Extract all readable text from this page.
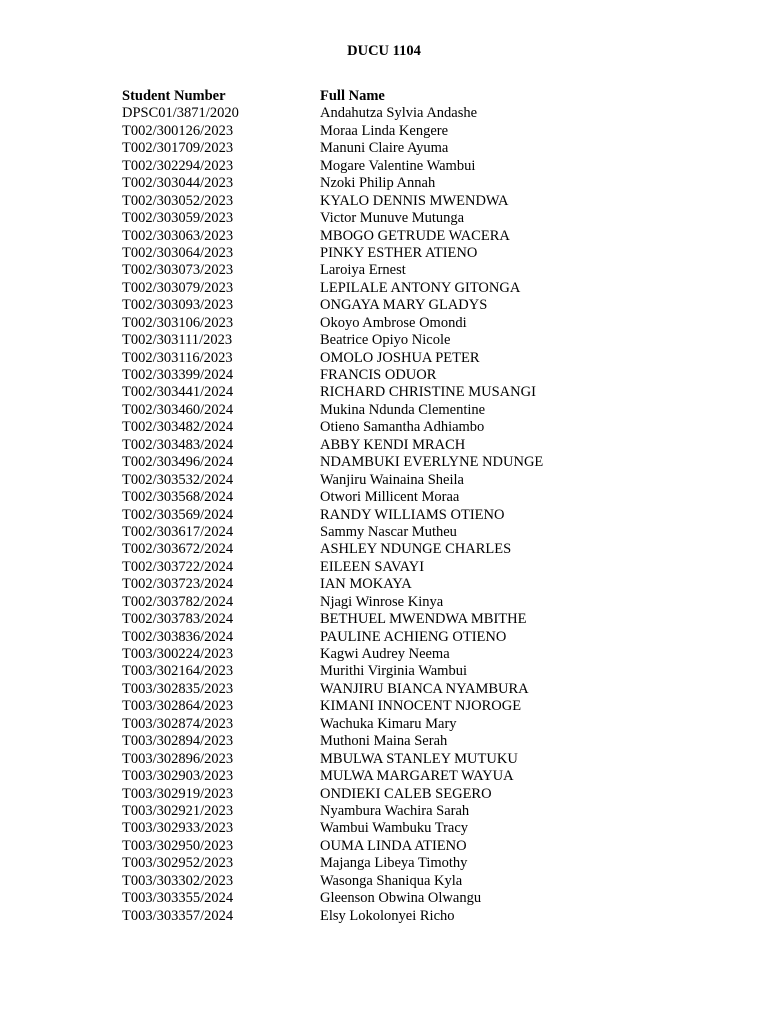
DUCU 1104
Student Number	Full Name
DPSC01/3871/2020	Andahutza Sylvia Andashe
T002/300126/2023	Moraa Linda Kengere
T002/301709/2023	Manuni Claire Ayuma
T002/302294/2023	Mogare Valentine Wambui
T002/303044/2023	Nzoki Philip Annah
T002/303052/2023	KYALO DENNIS MWENDWA
T002/303059/2023	Victor Munuve Mutunga
T002/303063/2023	MBOGO GETRUDE WACERA
T002/303064/2023	PINKY ESTHER ATIENO
T002/303073/2023	Laroiya Ernest
T002/303079/2023	LEPILALE ANTONY GITONGA
T002/303093/2023	ONGAYA MARY GLADYS
T002/303106/2023	Okoyo Ambrose Omondi
T002/303111/2023	Beatrice Opiyo Nicole
T002/303116/2023	OMOLO JOSHUA PETER
T002/303399/2024	FRANCIS ODUOR
T002/303441/2024	RICHARD CHRISTINE MUSANGI
T002/303460/2024	Mukina Ndunda Clementine
T002/303482/2024	Otieno Samantha Adhiambo
T002/303483/2024	ABBY KENDI MRACH
T002/303496/2024	NDAMBUKI EVERLYNE NDUNGE
T002/303532/2024	Wanjiru Wainaina Sheila
T002/303568/2024	Otwori Millicent Moraa
T002/303569/2024	RANDY WILLIAMS OTIENO
T002/303617/2024	Sammy Nascar Mutheu
T002/303672/2024	ASHLEY NDUNGE CHARLES
T002/303722/2024	EILEEN SAVAYI
T002/303723/2024	IAN MOKAYA
T002/303782/2024	Njagi Winrose Kinya
T002/303783/2024	BETHUEL MWENDWA MBITHE
T002/303836/2024	PAULINE ACHIENG OTIENO
T003/300224/2023	Kagwi Audrey Neema
T003/302164/2023	Murithi Virginia Wambui
T003/302835/2023	WANJIRU BIANCA NYAMBURA
T003/302864/2023	KIMANI INNOCENT NJOROGE
T003/302874/2023	Wachuka Kimaru Mary
T003/302894/2023	Muthoni Maina Serah
T003/302896/2023	MBULWA STANLEY MUTUKU
T003/302903/2023	MULWA MARGARET WAYUA
T003/302919/2023	ONDIEKI CALEB SEGERO
T003/302921/2023	Nyambura Wachira Sarah
T003/302933/2023	Wambui Wambuku Tracy
T003/302950/2023	OUMA LINDA ATIENO
T003/302952/2023	Majanga Libeya Timothy
T003/303302/2023	Wasonga Shaniqua Kyla
T003/303355/2024	Gleenson Obwina Olwangu
T003/303357/2024	Elsy Lokolonyei Richo
